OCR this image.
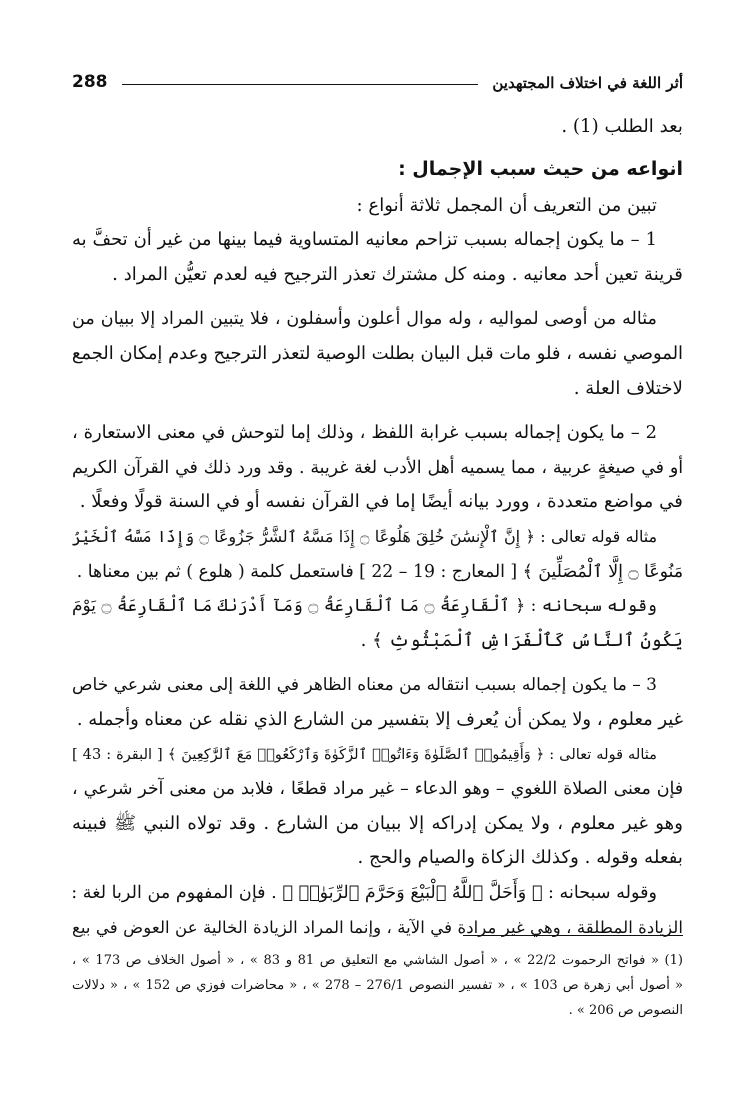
288	أثر اللغة في اختلاف المجتهدين
بعد الطلب (1) .
انواعه من حيث سبب الإجمال :
تبين من التعريف أن المجمل ثلاثة أنواع :
1 – ما يكون إجماله بسبب تزاحم معانيه المتساوية فيما بينها من غير أن تحفَّ به
قرينة تعين أحد معانيه . ومنه كل مشترك تعذر الترجيح فيه لعدم تعيُّن المراد .
مثاله من أوصى لمواليه ، وله موال أعلون وأسفلون ، فلا يتبين المراد إلا ببيان من
الموصي نفسه ، فلو مات قبل البيان بطلت الوصية لتعذر الترجيح وعدم إمكان الجمع
لاختلاف العلة .
2 – ما يكون إجماله بسبب غرابة اللفظ ، وذلك إما لتوحش في معنى الاستعارة ،
أو في صيغةٍ عربية ، مما يسميه أهل الأدب لغة غريبة . وقد ورد ذلك في القرآن الكريم
في مواضع متعددة ، وورد بيانه أيضًا إما في القرآن نفسه أو في السنة قولًا وفعلًا .
مثاله قوله تعالى : ﴿ إِنَّ ٱلْإِنسَٰنَ خُلِقَ هَلُوعًا ۝ إِذَا مَسَّهُ ٱلشَّرُّ جَزُوعًا ۝ وَإِذَا مَسَّهُ ٱلْخَيْرُ
مَنُوعًا ۝ إِلَّا ٱلْمُصَلِّينَ ﴾ [ المعارج : 19 – 22 ] فاستعمل كلمة ( هلوع ) ثم بين معناها .
وقوله سبحانه : ﴿ ٱلْقَارِعَةُ ۝ مَا ٱلْقَارِعَةُ ۝ وَمَآ أَدْرَىٰكَ مَا ٱلْقَارِعَةُ ۝ يَوْمَ
يَكُونُ ٱلنَّاسُ كَٱلْفَرَاشِ ٱلْمَبْثُوثِ ﴾ .
3 – ما يكون إجماله بسبب انتقاله من معناه الظاهر في اللغة إلى معنى شرعي خاص
غير معلوم ، ولا يمكن أن يُعرف إلا بتفسير من الشارع الذي نقله عن معناه وأجمله .
مثاله قوله تعالى : ﴿ وَأَقِيمُوا۟ ٱلصَّلَوٰةَ وَءَاتُوا۟ ٱلزَّكَوٰةَ وَٱرْكَعُوا۟ مَعَ ٱلرَّٰكِعِينَ ﴾ [ البقرة : 43 ]
فإن معنى الصلاة اللغوي – وهو الدعاء – غير مراد قطعًا ، فلابد من معنى آخر شرعي ،
وهو غير معلوم ، ولا يمكن إدراكه إلا ببيان من الشارع . وقد تولاه النبي ﷺ فبينه
بفعله وقوله . وكذلك الزكاة والصيام والحج .
وقوله سبحانه : ﴿ وَأَحَلَّ ٱللَّهُ ٱلْبَيْعَ وَحَرَّمَ ٱلرِّبَوٰا۟ ﴾ . فإن المفهوم من الربا لغة :
الزيادة المطلقة ، وهي غير مرادة في الآية ، وإنما المراد الزيادة الخالية عن العوض في بيع
(1) « فواتح الرحموت 22/2 » ، « أصول الشاشي مع التعليق ص 81 و 83 » ، « أصول الخلاف ص 173 » ،
« أصول أبي زهرة ص 103 » ، « تفسير النصوص 276/1 – 278 » ، « محاضرات فوزي ص 152 » ، « دلالات
النصوص ص 206 » .
